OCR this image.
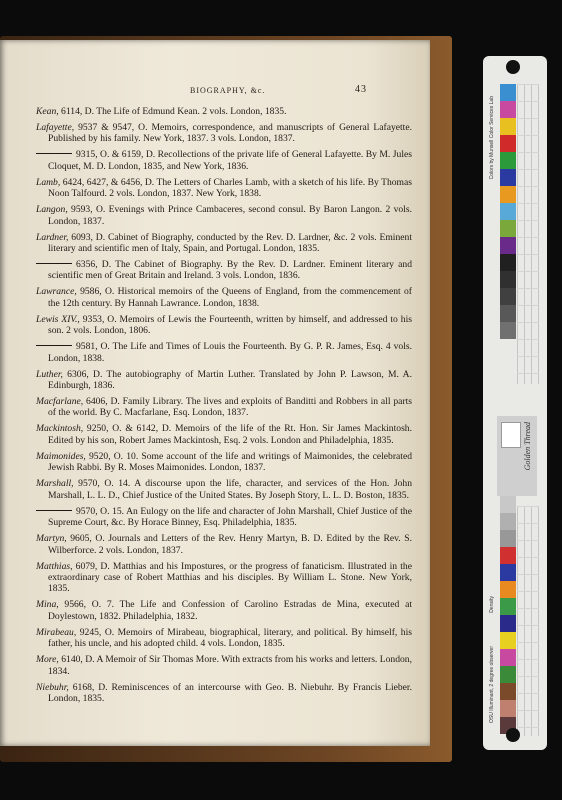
BIOGRAPHY, &c.	43
Kean, 6114, D. The Life of Edmund Kean. 2 vols. London, 1835.
Lafayette, 9537 & 9547, O. Memoirs, correspondence, and manuscripts of General Lafayette. Published by his family. New York, 1837. 3 vols. London, 1837.
9315, O. & 6159, D. Recollections of the private life of General Lafayette. By M. Jules Cloquet, M. D. London, 1835, and New York, 1836.
Lamb, 6424, 6427, & 6456, D. The Letters of Charles Lamb, with a sketch of his life. By Thomas Noon Talfourd. 2 vols. London, 1837. New York, 1838.
Langon, 9593, O. Evenings with Prince Cambaceres, second consul. By Baron Langon. 2 vols. London, 1837.
Lardner, 6093, D. Cabinet of Biography, conducted by the Rev. D. Lardner, &c. 2 vols. Eminent literary and scientific men of Italy, Spain, and Portugal. London, 1835.
6356, D. The Cabinet of Biography. By the Rev. D. Lardner. Eminent literary and scientific men of Great Britain and Ireland. 3 vols. London, 1836.
Lawrance, 9586, O. Historical memoirs of the Queens of England, from the commencement of the 12th century. By Hannah Lawrance. London, 1838.
Lewis XIV., 9353, O. Memoirs of Lewis the Fourteenth, written by himself, and addressed to his son. 2 vols. London, 1806.
9581, O. The Life and Times of Louis the Fourteenth. By G. P. R. James, Esq. 4 vols. London, 1838.
Luther, 6306, D. The autobiography of Martin Luther. Translated by John P. Lawson, M. A. Edinburgh, 1836.
Macfarlane, 6406, D. Family Library. The lives and exploits of Banditti and Robbers in all parts of the world. By C. Macfarlane, Esq. London, 1837.
Mackintosh, 9250, O. & 6142, D. Memoirs of the life of the Rt. Hon. Sir James Mackintosh. Edited by his son, Robert James Mackintosh, Esq. 2 vols. London and Philadelphia, 1835.
Maimonides, 9520, O. 10. Some account of the life and writings of Maimonides, the celebrated Jewish Rabbi. By R. Moses Maimonides. London, 1837.
Marshall, 9570, O. 14. A discourse upon the life, character, and services of the Hon. John Marshall, L. L. D., Chief Justice of the United States. By Joseph Story, L. L. D. Boston, 1835.
9570, O. 15. An Eulogy on the life and character of John Marshall, Chief Justice of the Supreme Court, &c. By Horace Binney, Esq. Philadelphia, 1835.
Martyn, 9605, O. Journals and Letters of the Rev. Henry Martyn, B. D. Edited by the Rev. S. Wilberforce. 2 vols. London, 1837.
Matthias, 6079, D. Matthias and his Impostures, or the progress of fanaticism. Illustrated in the extraordinary case of Robert Matthias and his disciples. By William L. Stone. New York, 1835.
Mina, 9566, O. 7. The Life and Confession of Carolino Estradas de Mina, executed at Doylestown, 1832. Philadelphia, 1832.
Mirabeau, 9245, O. Memoirs of Mirabeau, biographical, literary, and political. By himself, his father, his uncle, and his adopted child. 4 vols. London, 1835.
More, 6140, D. A Memoir of Sir Thomas More. With extracts from his works and letters. London, 1834.
Niebuhr, 6168, D. Reminiscences of an intercourse with Geo. B. Niebuhr. By Francis Lieber. London, 1835.
Golden Thread
Colors by Munsell Color Services Lab
Density
OSU Illuminant, 2 degree observer
